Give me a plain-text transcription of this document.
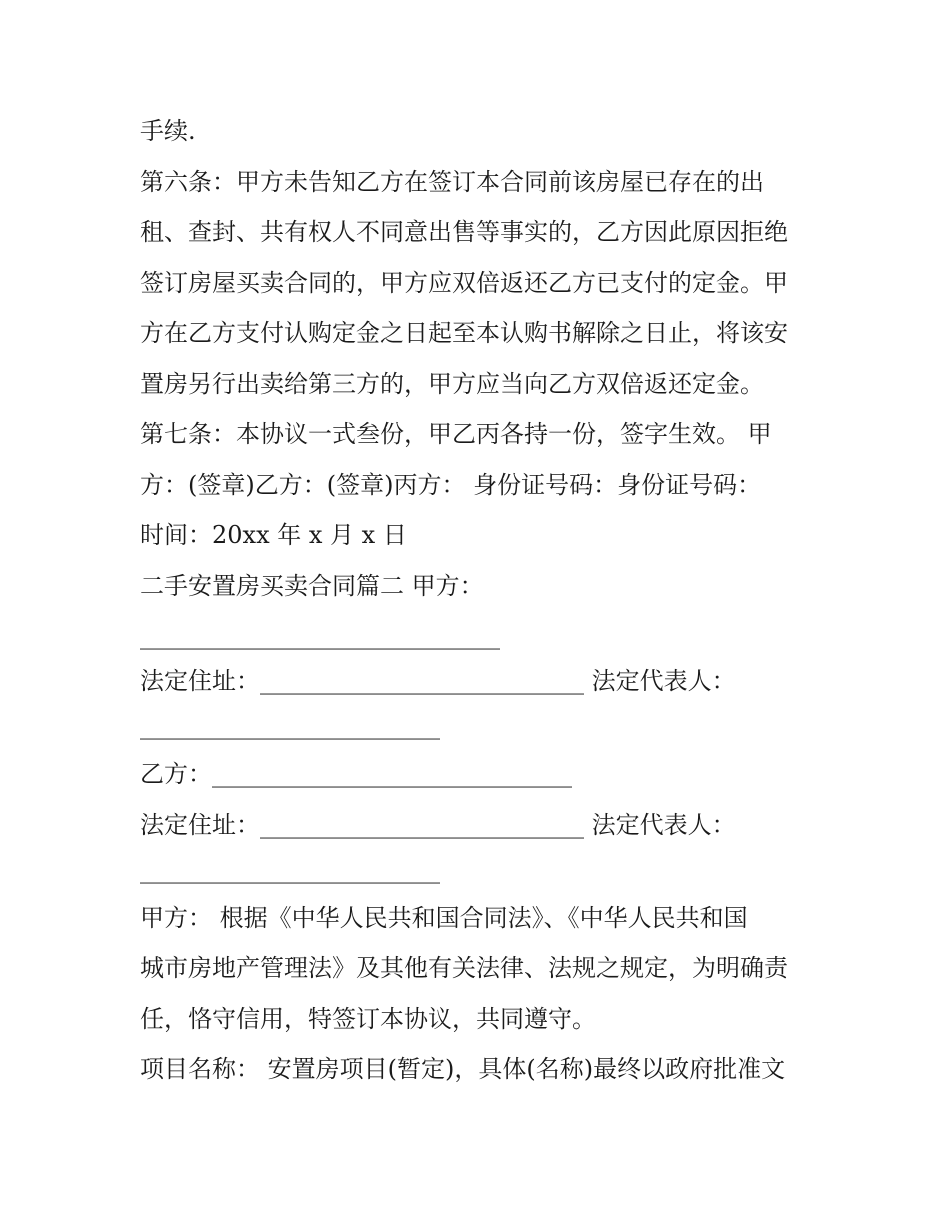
手续.

第六条：甲方未告知乙方在签订本合同前该房屋已存在的出

租、查封、共有权人不同意出售等事实的，乙方因此原因拒绝

签订房屋买卖合同的，甲方应双倍返还乙方已支付的定金。甲

方在乙方支付认购定金之日起至本认购书解除之日止，将该安

置房另行出卖给第三方的，甲方应当向乙方双倍返还定金。

第七条：本协议一式叁份，甲乙丙各持一份，签字生效。 甲

方：(签章)乙方：(签章)丙方： 身份证号码：身份证号码：

时间：20xx 年 x 月 x 日

二手安置房买卖合同篇二 甲方：

______________________________

法定住址：___________________________ 法定代表人：

_________________________

乙方：______________________________

法定住址：___________________________ 法定代表人：

_________________________

甲方： 根据《中华人民共和国合同法》、《中华人民共和国

城市房地产管理法》及其他有关法律、法规之规定，为明确责

任，恪守信用，特签订本协议，共同遵守。

项目名称： 安置房项目(暂定)，具体(名称)最终以政府批准文
